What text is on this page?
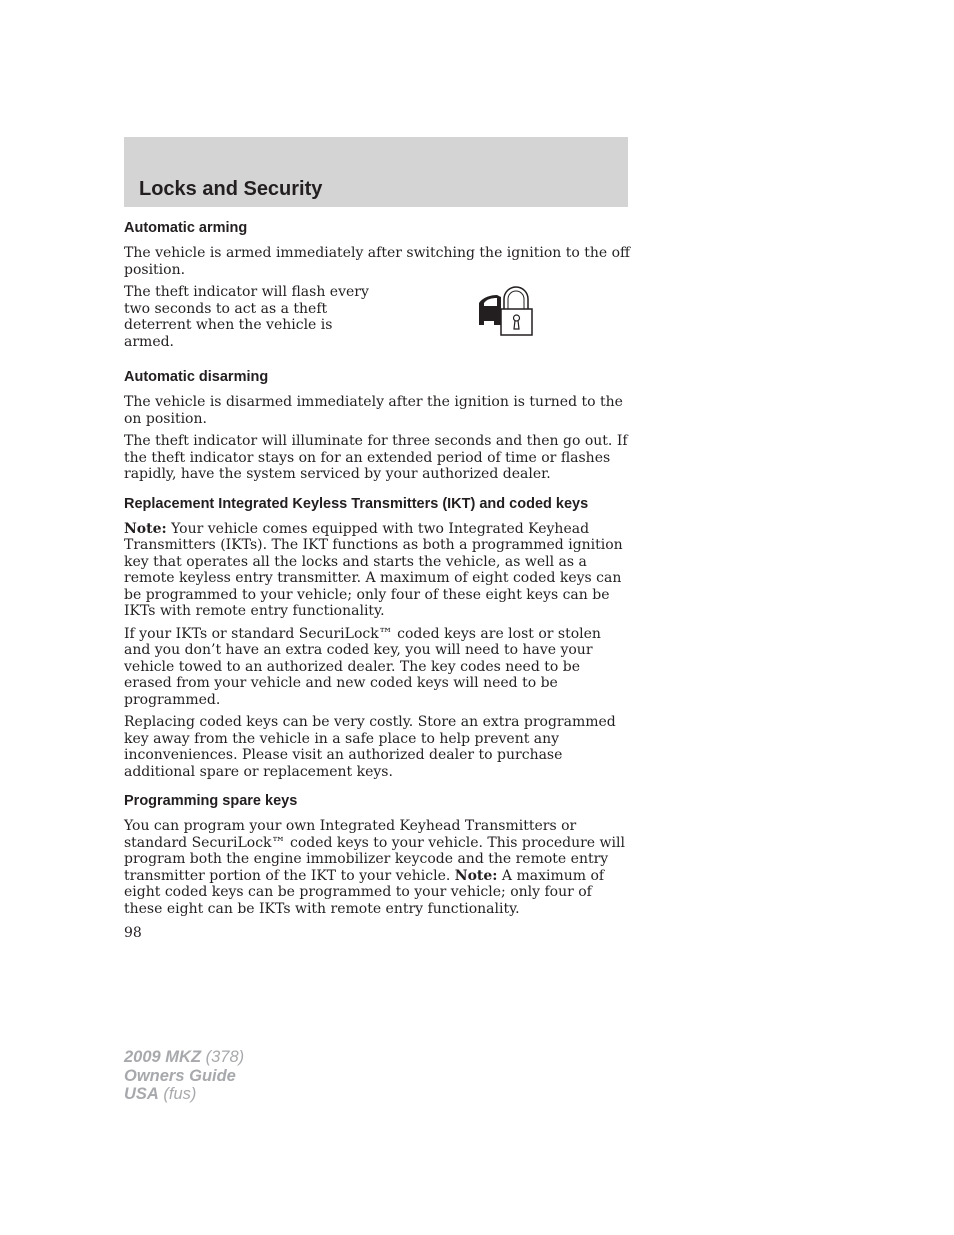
Locks and Security
Automatic arming

The vehicle is armed immediately after switching the ignition to the off position.

The theft indicator will flash every two seconds to act as a theft deterrent when the vehicle is armed.

Automatic disarming

The vehicle is disarmed immediately after the ignition is turned to the on position.

The theft indicator will illuminate for three seconds and then go out. If the theft indicator stays on for an extended period of time or flashes rapidly, have the system serviced by your authorized dealer.

Replacement Integrated Keyless Transmitters (IKT) and coded keys

Note: Your vehicle comes equipped with two Integrated Keyhead Transmitters (IKTs). The IKT functions as both a programmed ignition key that operates all the locks and starts the vehicle, as well as a remote keyless entry transmitter. A maximum of eight coded keys can be programmed to your vehicle; only four of these eight keys can be IKTs with remote entry functionality.

If your IKTs or standard SecuriLock™ coded keys are lost or stolen and you don’t have an extra coded key, you will need to have your vehicle towed to an authorized dealer. The key codes need to be erased from your vehicle and new coded keys will need to be programmed.

Replacing coded keys can be very costly. Store an extra programmed key away from the vehicle in a safe place to help prevent any inconveniences. Please visit an authorized dealer to purchase additional spare or replacement keys.

Programming spare keys

You can program your own Integrated Keyhead Transmitters or standard SecuriLock™ coded keys to your vehicle. This procedure will program both the engine immobilizer keycode and the remote entry transmitter portion of the IKT to your vehicle. Note: A maximum of eight coded keys can be programmed to your vehicle; only four of these eight can be IKTs with remote entry functionality.

98

2009 MKZ (378)
Owners Guide
USA (fus)
